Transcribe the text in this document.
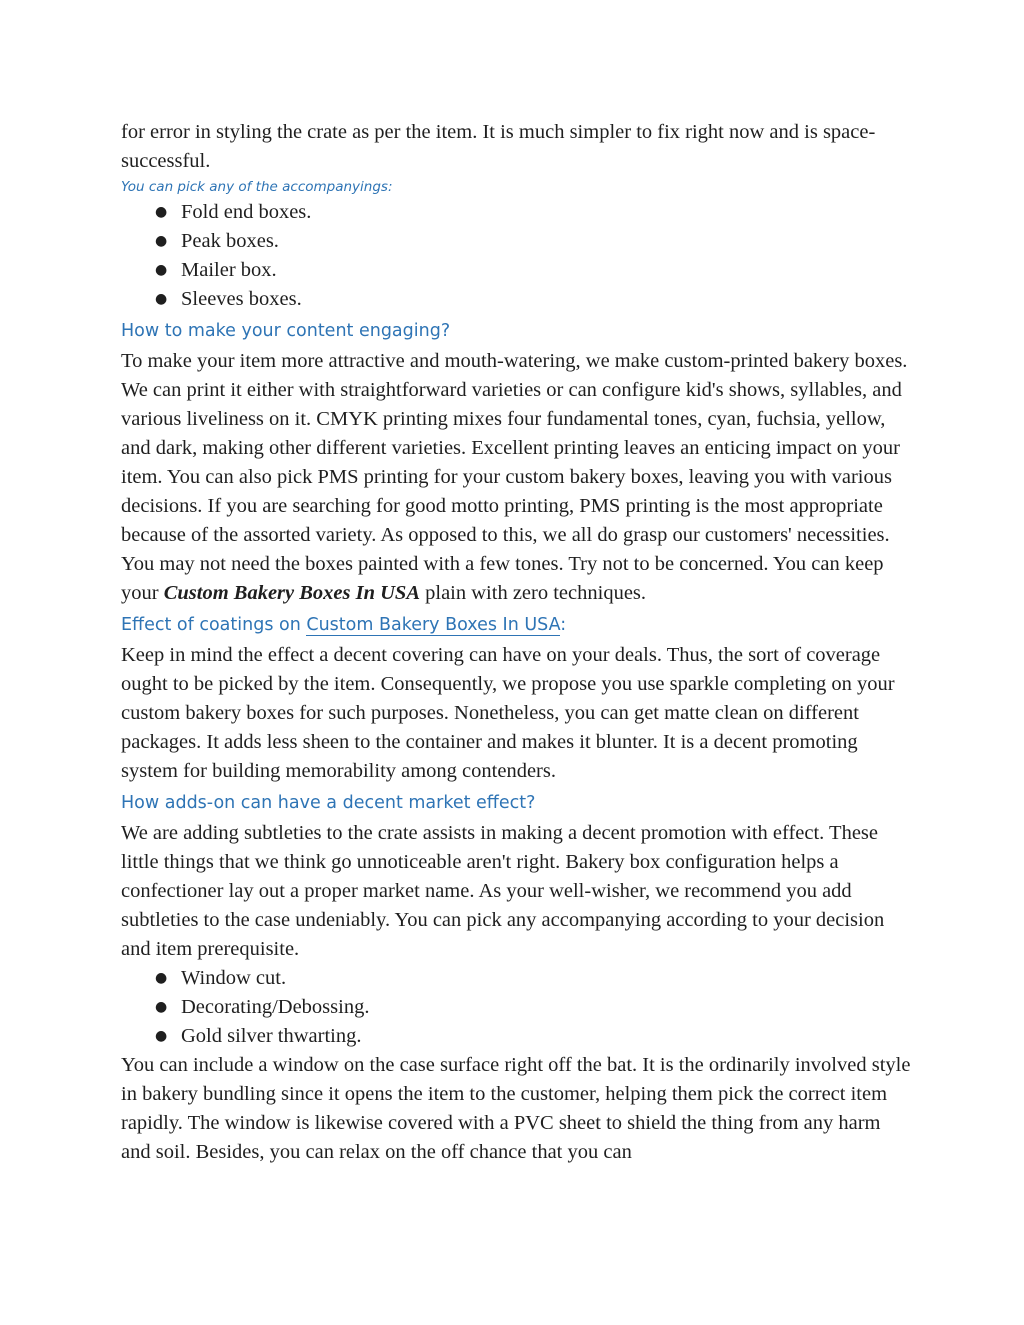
for error in styling the crate as per the item. It is much simpler to fix right now and is space-successful.

You can pick any of the accompanyings:

● Fold end boxes.
● Peak boxes.
● Mailer box.
● Sleeves boxes.
How to make your content engaging?

To make your item more attractive and mouth-watering, we make custom-printed bakery boxes. We can print it either with straightforward varieties or can configure kid's shows, syllables, and various liveliness on it. CMYK printing mixes four fundamental tones, cyan, fuchsia, yellow, and dark, making other different varieties. Excellent printing leaves an enticing impact on your item. You can also pick PMS printing for your custom bakery boxes, leaving you with various decisions. If you are searching for good motto printing, PMS printing is the most appropriate because of the assorted variety. As opposed to this, we all do grasp our customers' necessities. You may not need the boxes painted with a few tones. Try not to be concerned. You can keep your Custom Bakery Boxes In USA plain with zero techniques.

Effect of coatings on Custom Bakery Boxes In USA:

Keep in mind the effect a decent covering can have on your deals. Thus, the sort of coverage ought to be picked by the item. Consequently, we propose you use sparkle completing on your custom bakery boxes for such purposes. Nonetheless, you can get matte clean on different packages. It adds less sheen to the container and makes it blunter. It is a decent promoting system for building memorability among contenders.

How adds-on can have a decent market effect?

We are adding subtleties to the crate assists in making a decent promotion with effect. These little things that we think go unnoticeable aren't right. Bakery box configuration helps a confectioner lay out a proper market name. As your well-wisher, we recommend you add subtleties to the case undeniably. You can pick any accompanying according to your decision and item prerequisite.

● Window cut.
● Decorating/Debossing.
● Gold silver thwarting.

You can include a window on the case surface right off the bat. It is the ordinarily involved style in bakery bundling since it opens the item to the customer, helping them pick the correct item rapidly. The window is likewise covered with a PVC sheet to shield the thing from any harm and soil. Besides, you can relax on the off chance that you can
